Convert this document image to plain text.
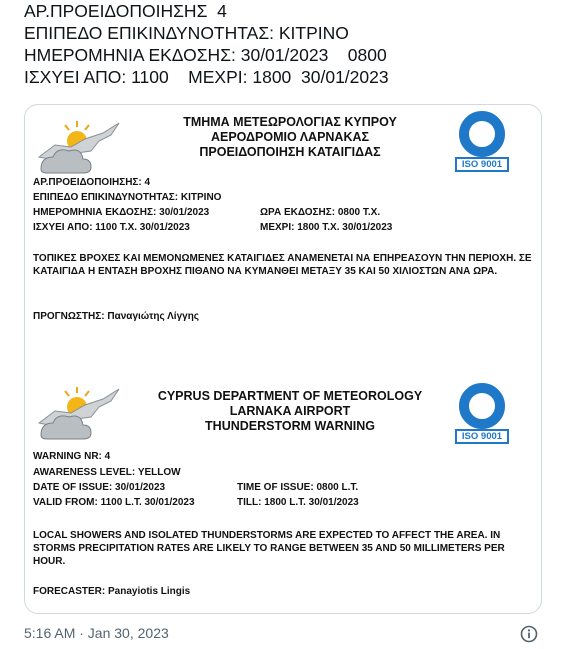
ΑΡ.ΠΡΟΕΙΔΟΠΟΙΗΣΗΣ  4
ΕΠΙΠΕΔΟ ΕΠΙΚΙΝΔΥΝΟΤΗΤΑΣ: ΚΙΤΡΙΝΟ
ΗΜΕΡΟΜΗΝΙΑ ΕΚΔΟΣΗΣ: 30/01/2023    0800
ΙΣΧΥΕΙ ΑΠΟ: 1100    ΜΕΧΡΙ: 1800  30/01/2023
ΤΜΗΜΑ ΜΕΤΕΩΡΟΛΟΓΙΑΣ ΚΥΠΡΟΥ
ΑΕΡΟΔΡΟΜΙΟ ΛΑΡΝΑΚΑΣ
ΠΡΟΕΙΔΟΠΟΙΗΣΗ ΚΑΤΑΙΓΙΔΑΣ
ISO 9001
ΑΡ.ΠΡΟΕΙΔΟΠΟΙΗΣΗΣ: 4
ΕΠΙΠΕΔΟ ΕΠΙΚΙΝΔΥΝΟΤΗΤΑΣ: ΚΙΤΡΙΝΟ
ΗΜΕΡΟΜΗΝΙΑ ΕΚΔΟΣΗΣ: 30/01/2023	ΩΡΑ ΕΚΔΟΣΗΣ: 0800 Τ.Χ.
ΙΣΧΥΕΙ ΑΠΟ: 1100 Τ.Χ. 30/01/2023	ΜΕΧΡΙ: 1800 Τ.Χ. 30/01/2023
ΤΟΠΙΚΕΣ ΒΡΟΧΕΣ ΚΑΙ ΜΕΜΟΝΩΜΕΝΕΣ ΚΑΤΑΙΓΙΔΕΣ ΑΝΑΜΕΝΕΤΑΙ ΝΑ ΕΠΗΡΕΑΣΟΥΝ ΤΗΝ ΠΕΡΙΟΧΗ. ΣΕ ΚΑΤΑΙΓΙΔΑ Η ΕΝΤΑΣΗ ΒΡΟΧΗΣ ΠΙΘΑΝΟ ΝΑ ΚΥΜΑΝΘΕΙ ΜΕΤΑΞΥ 35 ΚΑΙ 50 ΧΙΛΙΟΣΤΩΝ ΑΝΑ ΩΡΑ.
ΠΡΟΓΝΩΣΤΗΣ: Παναγιώτης Λίγγης
CYPRUS DEPARTMENT OF METEOROLOGY
LARNAKA AIRPORT
THUNDERSTORM WARNING
ISO 9001
WARNING NR: 4
AWARENESS LEVEL: YELLOW
DATE OF ISSUE: 30/01/2023	TIME OF ISSUE: 0800 L.T.
VALID FROM: 1100 L.T. 30/01/2023	TILL: 1800 L.T. 30/01/2023
LOCAL SHOWERS AND ISOLATED THUNDERSTORMS ARE EXPECTED TO AFFECT THE AREA. IN STORMS PRECIPITATION RATES ARE LIKELY TO RANGE BETWEEN 35 AND 50 MILLIMETERS PER HOUR.
FORECASTER: Panayiotis Lingis
5:16 AM · Jan 30, 2023
